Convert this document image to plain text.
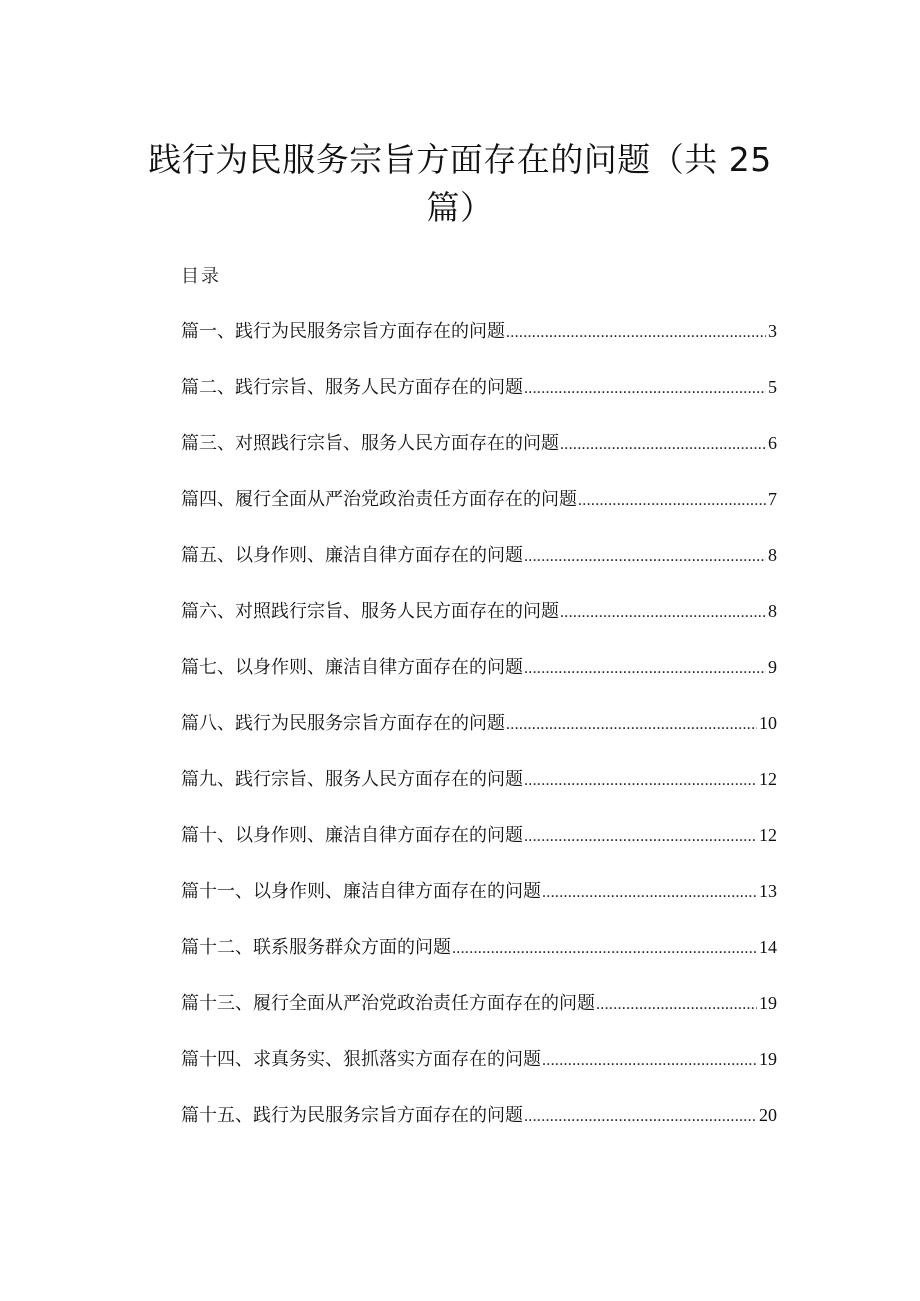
践行为民服务宗旨方面存在的问题（共 25
篇）
目录
篇一、践行为民服务宗旨方面存在的问题 .....	3
篇二、践行宗旨、服务人民方面存在的问题 .....	5
篇三、对照践行宗旨、服务人民方面存在的问题 .....	6
篇四、履行全面从严治党政治责任方面存在的问题 .....	7
篇五、以身作则、廉洁自律方面存在的问题 .....	8
篇六、对照践行宗旨、服务人民方面存在的问题 .....	8
篇七、以身作则、廉洁自律方面存在的问题 .....	9
篇八、践行为民服务宗旨方面存在的问题 .....	10
篇九、践行宗旨、服务人民方面存在的问题 .....	12
篇十、以身作则、廉洁自律方面存在的问题 .....	12
篇十一、以身作则、廉洁自律方面存在的问题 .....	13
篇十二、联系服务群众方面的问题 .....	14
篇十三、履行全面从严治党政治责任方面存在的问题 .....	19
篇十四、求真务实、狠抓落实方面存在的问题 .....	19
篇十五、践行为民服务宗旨方面存在的问题 .....	20
